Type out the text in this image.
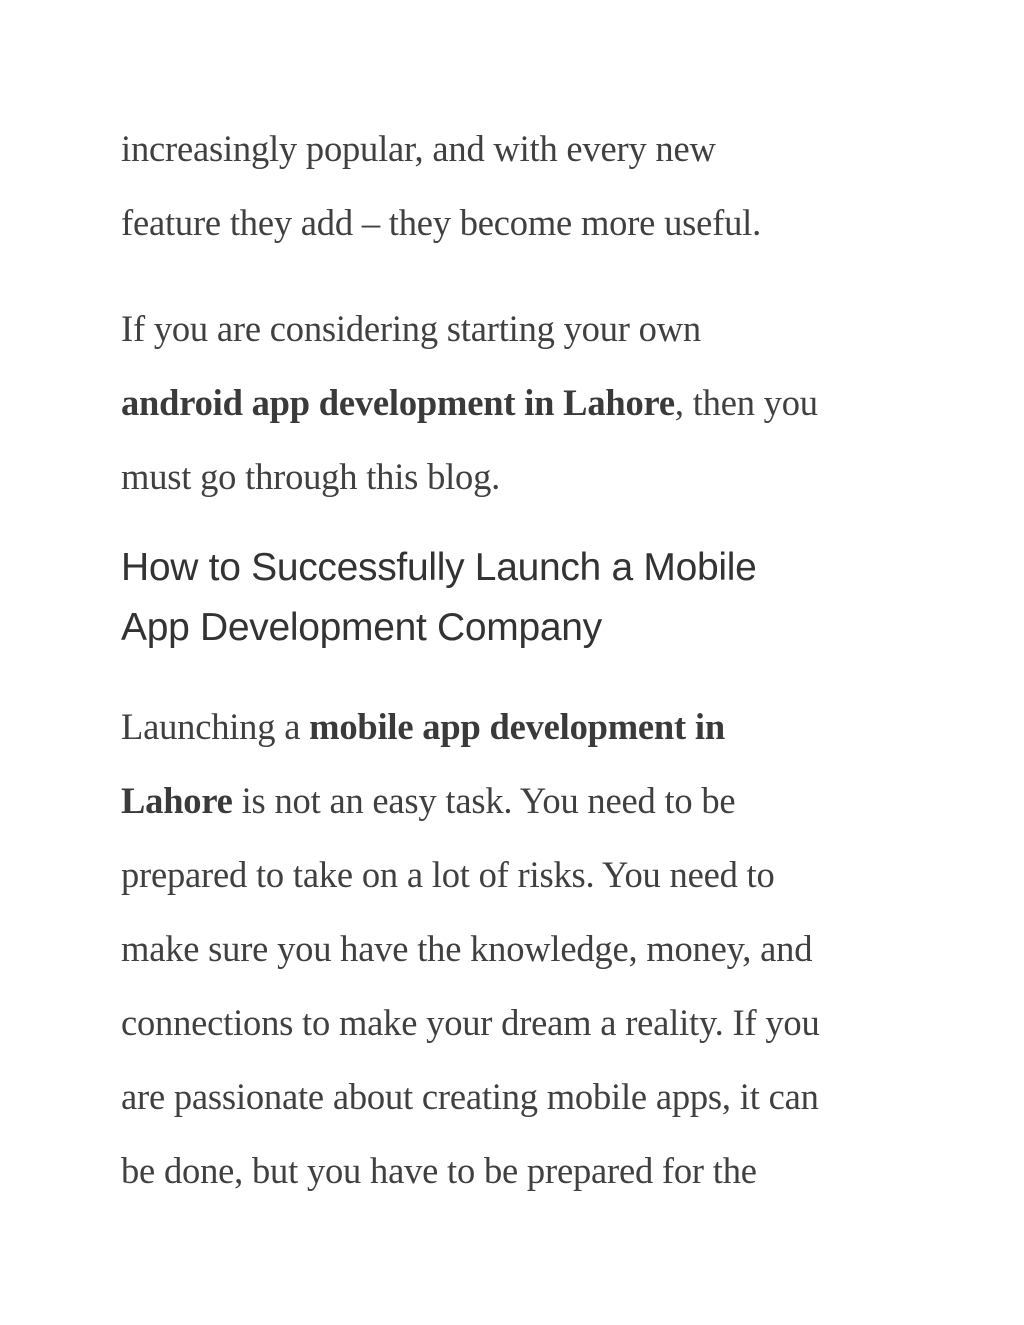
increasingly popular, and with every new
feature they add – they become more useful.

If you are considering starting your own
android app development in Lahore, then you
must go through this blog.

How to Successfully Launch a Mobile
App Development Company

Launching a mobile app development in
Lahore is not an easy task. You need to be
prepared to take on a lot of risks. You need to
make sure you have the knowledge, money, and
connections to make your dream a reality. If you
are passionate about creating mobile apps, it can
be done, but you have to be prepared for the
